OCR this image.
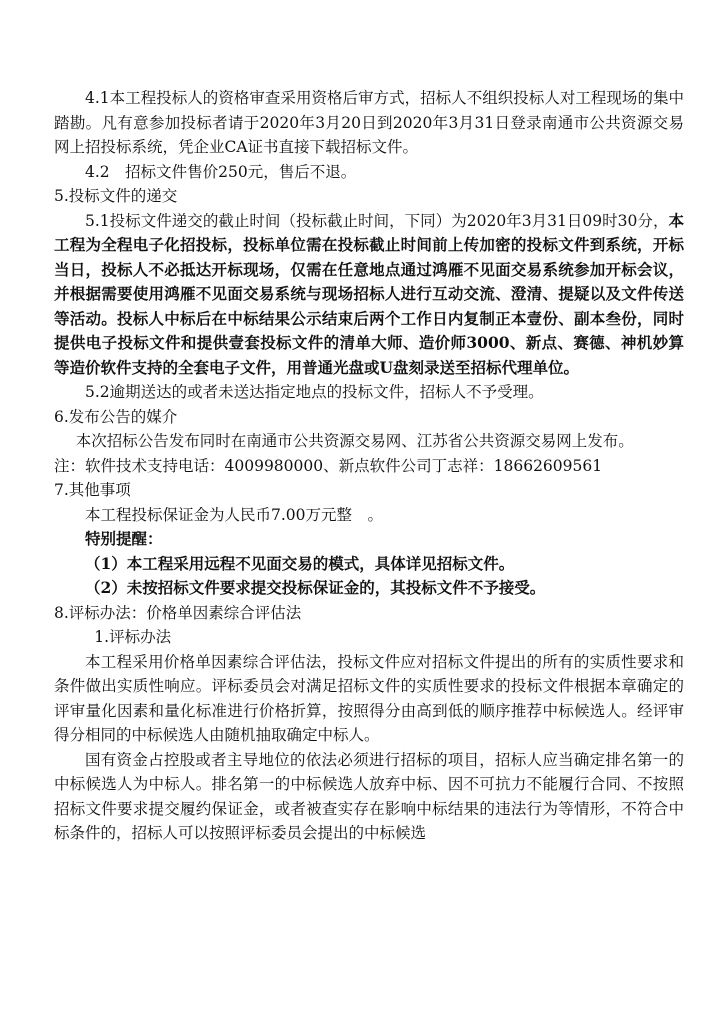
4.1本工程投标人的资格审查采用资格后审方式，招标人不组织投标人对工程现场的集中踏勘。凡有意参加投标者请于2020年3月20日到2020年3月31日登录南通市公共资源交易网上招投标系统，凭企业CA证书直接下载招标文件。

4.2　招标文件售价250元，售后不退。

5.投标文件的递交

5.1投标文件递交的截止时间（投标截止时间，下同）为2020年3月31日09时30分，本工程为全程电子化招投标，投标单位需在投标截止时间前上传加密的投标文件到系统，开标当日，投标人不必抵达开标现场，仅需在任意地点通过鸿雁不见面交易系统参加开标会议，并根据需要使用鸿雁不见面交易系统与现场招标人进行互动交流、澄清、提疑以及文件传送等活动。投标人中标后在中标结果公示结束后两个工作日内复制正本壹份、副本叁份，同时提供电子投标文件和提供壹套投标文件的清单大师、造价师3000、新点、赛德、神机妙算等造价软件支持的全套电子文件，用普通光盘或U盘刻录送至招标代理单位。

5.2逾期送达的或者未送达指定地点的投标文件，招标人不予受理。

6.发布公告的媒介

本次招标公告发布同时在南通市公共资源交易网、江苏省公共资源交易网上发布。

注：软件技术支持电话：4009980000、新点软件公司丁志祥：18662609561

7.其他事项

本工程投标保证金为人民币7.00万元整　。

特别提醒：

（1）本工程采用远程不见面交易的模式，具体详见招标文件。

（2）未按招标文件要求提交投标保证金的，其投标文件不予接受。

8.评标办法：价格单因素综合评估法

1.评标办法

本工程采用价格单因素综合评估法，投标文件应对招标文件提出的所有的实质性要求和条件做出实质性响应。评标委员会对满足招标文件的实质性要求的投标文件根据本章确定的评审量化因素和量化标准进行价格折算，按照得分由高到低的顺序推荐中标候选人。经评审得分相同的中标候选人由随机抽取确定中标人。

国有资金占控股或者主导地位的依法必须进行招标的项目，招标人应当确定排名第一的中标候选人为中标人。排名第一的中标候选人放弃中标、因不可抗力不能履行合同、不按照招标文件要求提交履约保证金，或者被查实存在影响中标结果的违法行为等情形，不符合中标条件的，招标人可以按照评标委员会提出的中标候选
